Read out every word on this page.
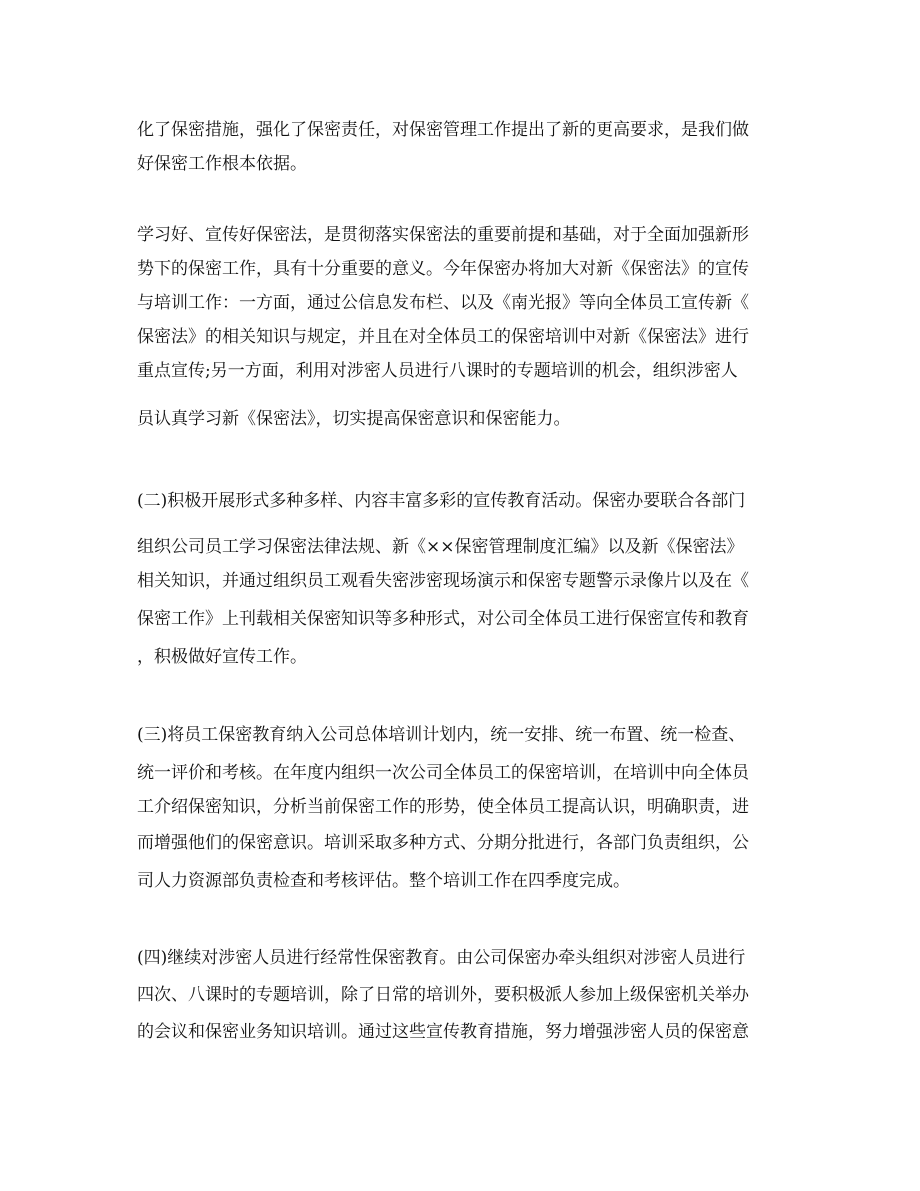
化了保密措施，强化了保密责任，对保密管理工作提出了新的更高要求，是我们做
好保密工作根本依据。
学习好、宣传好保密法，是贯彻落实保密法的重要前提和基础，对于全面加强新形
势下的保密工作，具有十分重要的意义。今年保密办将加大对新《保密法》的宣传
与培训工作：一方面，通过公信息发布栏、以及《南光报》等向全体员工宣传新《
保密法》的相关知识与规定，并且在对全体员工的保密培训中对新《保密法》进行
重点宣传;另一方面，利用对涉密人员进行八课时的专题培训的机会，组织涉密人
员认真学习新《保密法》，切实提高保密意识和保密能力。
(二)积极开展形式多种多样、内容丰富多彩的宣传教育活动。保密办要联合各部门
组织公司员工学习保密法律法规、新《××保密管理制度汇编》以及新《保密法》
相关知识，并通过组织员工观看失密涉密现场演示和保密专题警示录像片以及在《
保密工作》上刊载相关保密知识等多种形式，对公司全体员工进行保密宣传和教育
，积极做好宣传工作。
(三)将员工保密教育纳入公司总体培训计划内，统一安排、统一布置、统一检查、
统一评价和考核。在年度内组织一次公司全体员工的保密培训，在培训中向全体员
工介绍保密知识，分析当前保密工作的形势，使全体员工提高认识，明确职责，进
而增强他们的保密意识。培训采取多种方式、分期分批进行，各部门负责组织，公
司人力资源部负责检查和考核评估。整个培训工作在四季度完成。
(四)继续对涉密人员进行经常性保密教育。由公司保密办牵头组织对涉密人员进行
四次、八课时的专题培训，除了日常的培训外，要积极派人参加上级保密机关举办
的会议和保密业务知识培训。通过这些宣传教育措施，努力增强涉密人员的保密意
